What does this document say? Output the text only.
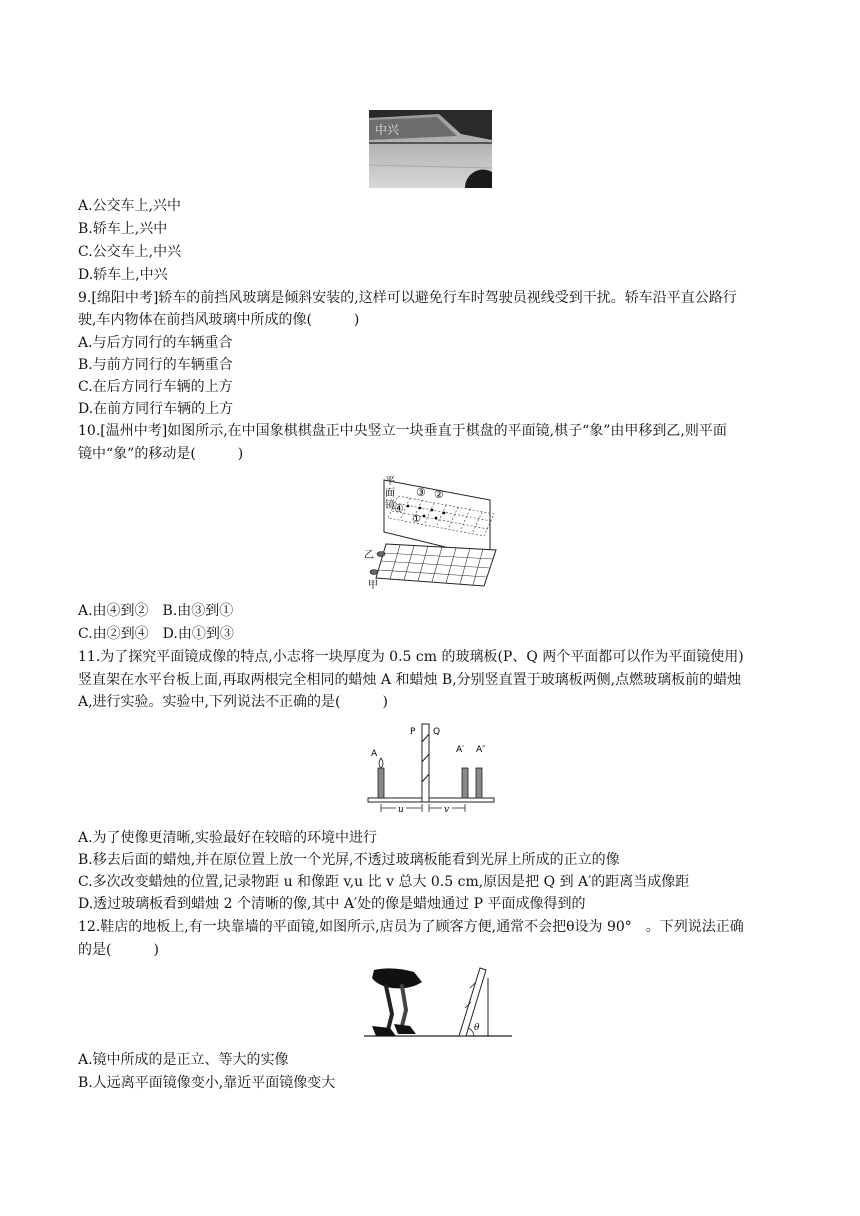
中兴
A.公交车上,兴中
B.轿车上,兴中
C.公交车上,中兴
D.轿车上,中兴
9.[绵阳中考]轿车的前挡风玻璃是倾斜安装的,这样可以避免行车时驾驶员视线受到干扰。轿车沿平直公路行
驶,车内物体在前挡风玻璃中所成的像(　　　)
A.与后方同行的车辆重合
B.与前方同行的车辆重合
C.在后方同行车辆的上方
D.在前方同行车辆的上方
10.[温州中考]如图所示,在中国象棋棋盘正中央竖立一块垂直于棋盘的平面镜,棋子“象”由甲移到乙,则平面
镜中“象”的移动是(　　　)
平
面
镜
③ ②
④
①
乙
甲
A.由④到②　B.由③到①
C.由②到④　D.由①到③
11.为了探究平面镜成像的特点,小志将一块厚度为 0.5 cm 的玻璃板(P、Q 两个平面都可以作为平面镜使用)
竖直架在水平台板上面,再取两根完全相同的蜡烛 A 和蜡烛 B,分别竖直置于玻璃板两侧,点燃玻璃板前的蜡烛
A,进行实验。实验中,下列说法不正确的是(　　　)
P Q
A	A′ A″
u	v
A.为了使像更清晰,实验最好在较暗的环境中进行
B.移去后面的蜡烛,并在原位置上放一个光屏,不透过玻璃板能看到光屏上所成的正立的像
C.多次改变蜡烛的位置,记录物距 u 和像距 v,u 比 v 总大 0.5 cm,原因是把 Q 到 A′的距离当成像距
D.透过玻璃板看到蜡烛 2 个清晰的像,其中 A′处的像是蜡烛通过 P 平面成像得到的
12.鞋店的地板上,有一块靠墙的平面镜,如图所示,店员为了顾客方便,通常不会把θ设为 90°　。下列说法正确
的是(　　　)
θ
A.镜中所成的是正立、等大的实像
B.人远离平面镜像变小,靠近平面镜像变大
